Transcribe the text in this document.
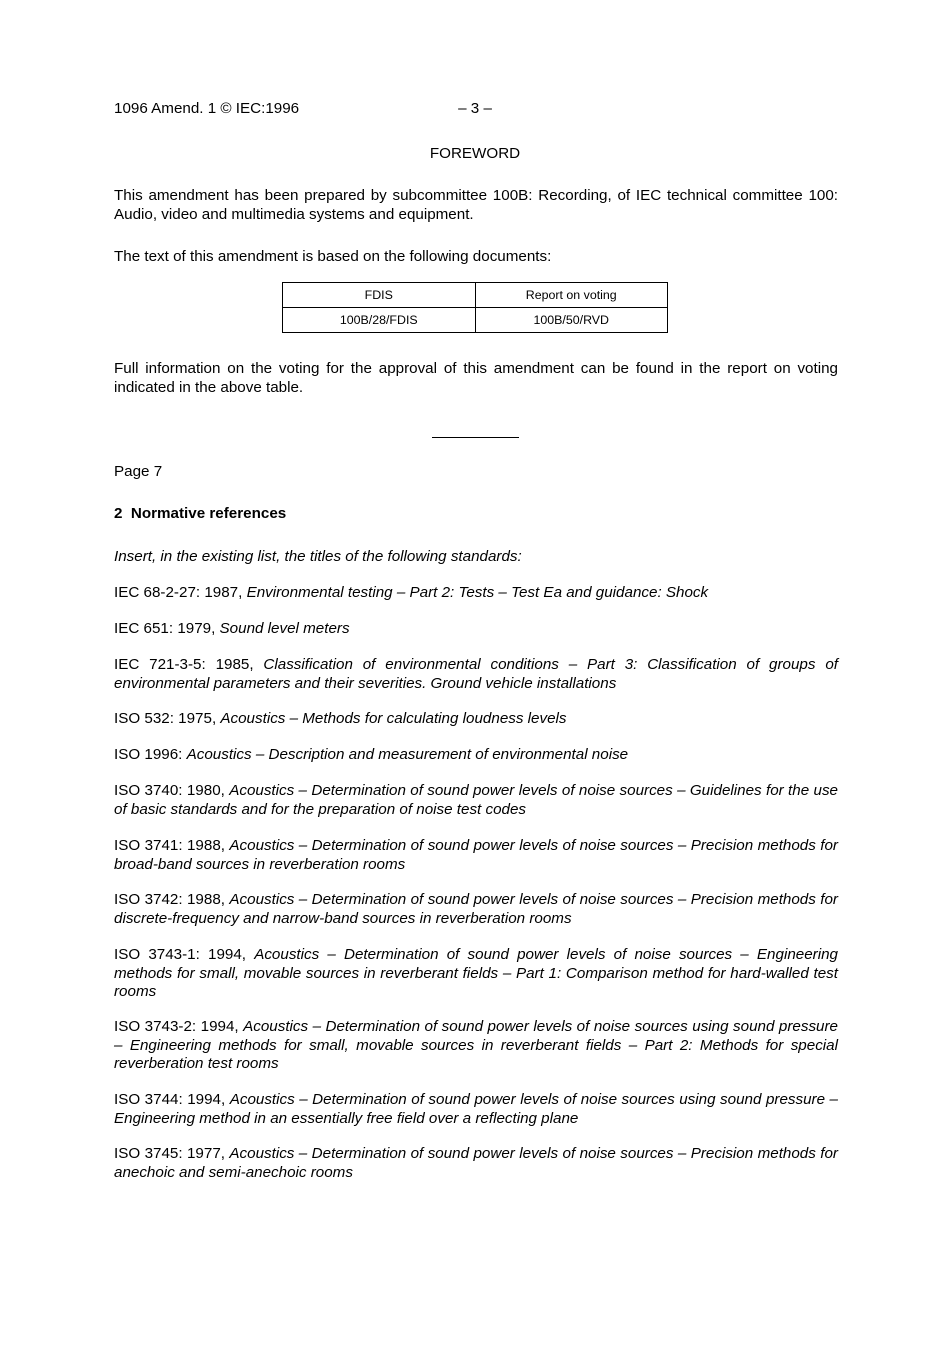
1096 Amend. 1 © IEC:1996	– 3 –
FOREWORD
This amendment has been prepared by subcommittee 100B: Recording, of IEC technical committee 100: Audio, video and multimedia systems and equipment.
The text of this amendment is based on the following documents:
FDIS	Report on voting
100B/28/FDIS	100B/50/RVD
Full information on the voting for the approval of this amendment can be found in the report on voting indicated in the above table.
Page 7
2  Normative references
Insert, in the existing list, the titles of the following standards:
IEC 68-2-27: 1987, Environmental testing – Part 2: Tests – Test Ea and guidance: Shock
IEC 651: 1979, Sound level meters
IEC 721-3-5: 1985, Classification of environmental conditions – Part 3: Classification of groups of environmental parameters and their severities. Ground vehicle installations
ISO 532: 1975, Acoustics – Methods for calculating loudness levels
ISO 1996: Acoustics – Description and measurement of environmental noise
ISO 3740: 1980, Acoustics – Determination of sound power levels of noise sources – Guidelines for the use of basic standards and for the preparation of noise test codes
ISO 3741: 1988, Acoustics – Determination of sound power levels of noise sources – Precision methods for broad-band sources in reverberation rooms
ISO 3742: 1988, Acoustics – Determination of sound power levels of noise sources – Precision methods for discrete-frequency and narrow-band sources in reverberation rooms
ISO 3743-1: 1994, Acoustics – Determination of sound power levels of noise sources – Engineering methods for small, movable sources in reverberant fields – Part 1: Comparison method for hard-walled test rooms
ISO 3743-2: 1994, Acoustics – Determination of sound power levels of noise sources using sound pressure – Engineering methods for small, movable sources in reverberant fields – Part 2: Methods for special reverberation test rooms
ISO 3744: 1994, Acoustics – Determination of sound power levels of noise sources using sound pressure – Engineering method in an essentially free field over a reflecting plane
ISO 3745: 1977, Acoustics – Determination of sound power levels of noise sources – Precision methods for anechoic and semi-anechoic rooms
